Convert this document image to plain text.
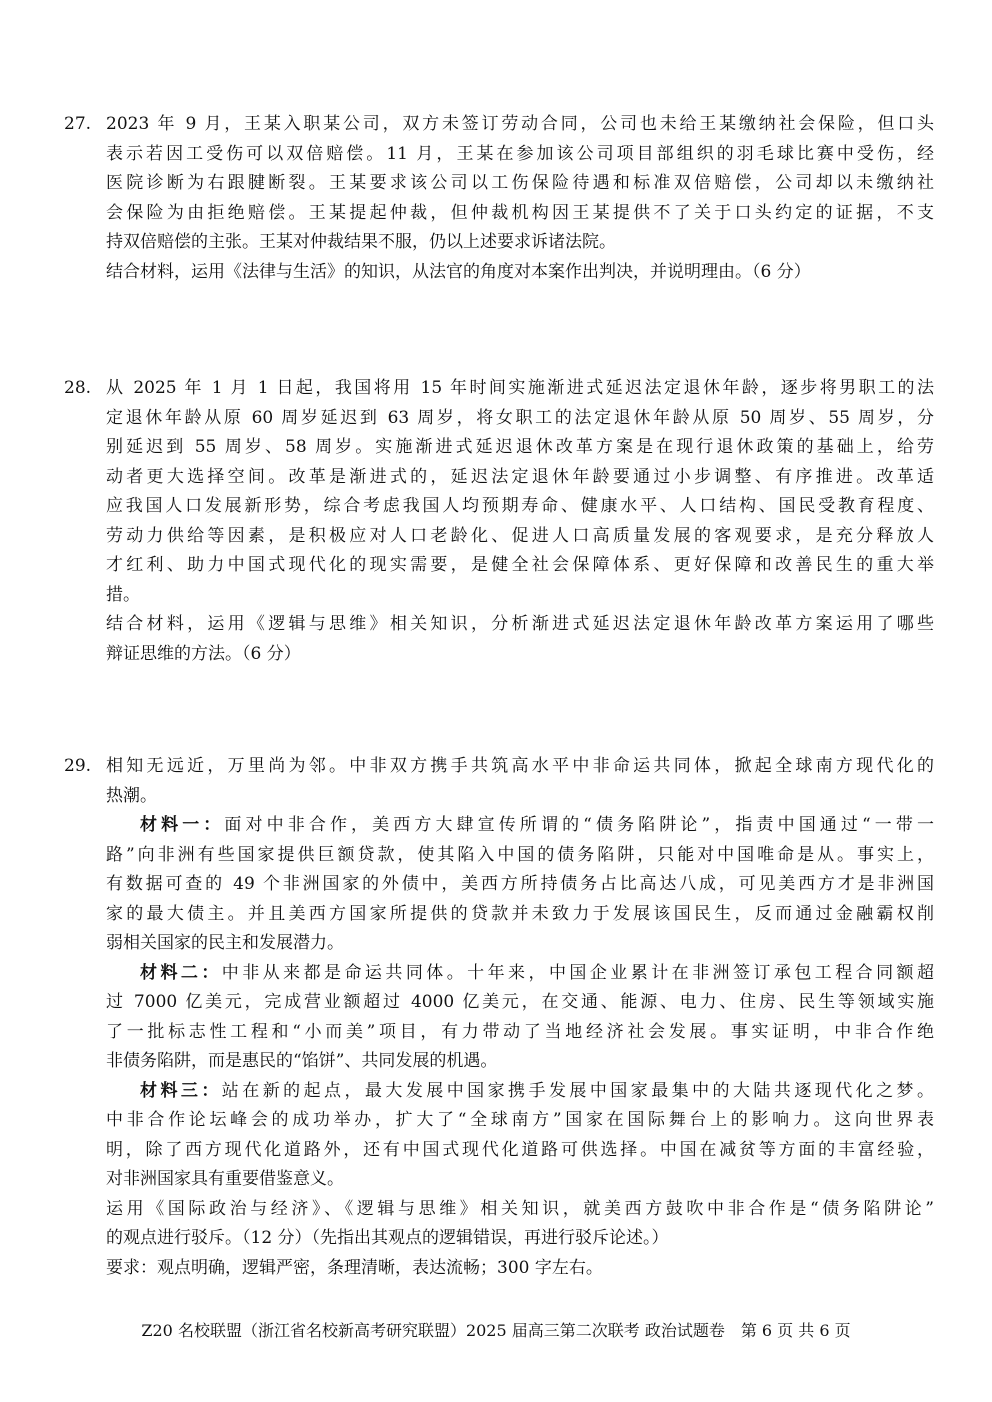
27. 2023 年 9 月，王某入职某公司，双方未签订劳动合同，公司也未给王某缴纳社会保险，但口头
表示若因工受伤可以双倍赔偿。11 月，王某在参加该公司项目部组织的羽毛球比赛中受伤，经
医院诊断为右跟腱断裂。王某要求该公司以工伤保险待遇和标准双倍赔偿，公司却以未缴纳社
会保险为由拒绝赔偿。王某提起仲裁，但仲裁机构因王某提供不了关于口头约定的证据，不支
持双倍赔偿的主张。王某对仲裁结果不服，仍以上述要求诉诸法院。
结合材料，运用《法律与生活》的知识，从法官的角度对本案作出判决，并说明理由。（6 分）
28. 从 2025 年 1 月 1 日起，我国将用 15 年时间实施渐进式延迟法定退休年龄，逐步将男职工的法
定退休年龄从原 60 周岁延迟到 63 周岁，将女职工的法定退休年龄从原 50 周岁、55 周岁，分
别延迟到 55 周岁、58 周岁。实施渐进式延迟退休改革方案是在现行退休政策的基础上，给劳
动者更大选择空间。改革是渐进式的，延迟法定退休年龄要通过小步调整、有序推进。改革适
应我国人口发展新形势，综合考虑我国人均预期寿命、健康水平、人口结构、国民受教育程度、
劳动力供给等因素，是积极应对人口老龄化、促进人口高质量发展的客观要求，是充分释放人
才红利、助力中国式现代化的现实需要，是健全社会保障体系、更好保障和改善民生的重大举
措。
结合材料，运用《逻辑与思维》相关知识，分析渐进式延迟法定退休年龄改革方案运用了哪些
辩证思维的方法。（6 分）
29. 相知无远近，万里尚为邻。中非双方携手共筑高水平中非命运共同体，掀起全球南方现代化的
热潮。
材料一：面对中非合作，美西方大肆宣传所谓的“债务陷阱论”，指责中国通过“一带一
路”向非洲有些国家提供巨额贷款，使其陷入中国的债务陷阱，只能对中国唯命是从。事实上，
有数据可查的 49 个非洲国家的外债中，美西方所持债务占比高达八成，可见美西方才是非洲国
家的最大债主。并且美西方国家所提供的贷款并未致力于发展该国民生，反而通过金融霸权削
弱相关国家的民主和发展潜力。
材料二：中非从来都是命运共同体。十年来，中国企业累计在非洲签订承包工程合同额超
过 7000 亿美元，完成营业额超过 4000 亿美元，在交通、能源、电力、住房、民生等领域实施
了一批标志性工程和“小而美”项目，有力带动了当地经济社会发展。事实证明，中非合作绝
非债务陷阱，而是惠民的“馅饼”、共同发展的机遇。
材料三：站在新的起点，最大发展中国家携手发展中国家最集中的大陆共逐现代化之梦。
中非合作论坛峰会的成功举办，扩大了“全球南方”国家在国际舞台上的影响力。这向世界表
明，除了西方现代化道路外，还有中国式现代化道路可供选择。中国在减贫等方面的丰富经验，
对非洲国家具有重要借鉴意义。
运用《国际政治与经济》、《逻辑与思维》相关知识，就美西方鼓吹中非合作是“债务陷阱论”
的观点进行驳斥。（12 分）（先指出其观点的逻辑错误，再进行驳斥论述。）
要求：观点明确，逻辑严密，条理清晰，表达流畅；300 字左右。
Z20 名校联盟（浙江省名校新高考研究联盟）2025 届高三第二次联考 政治试题卷　第 6 页 共 6 页
